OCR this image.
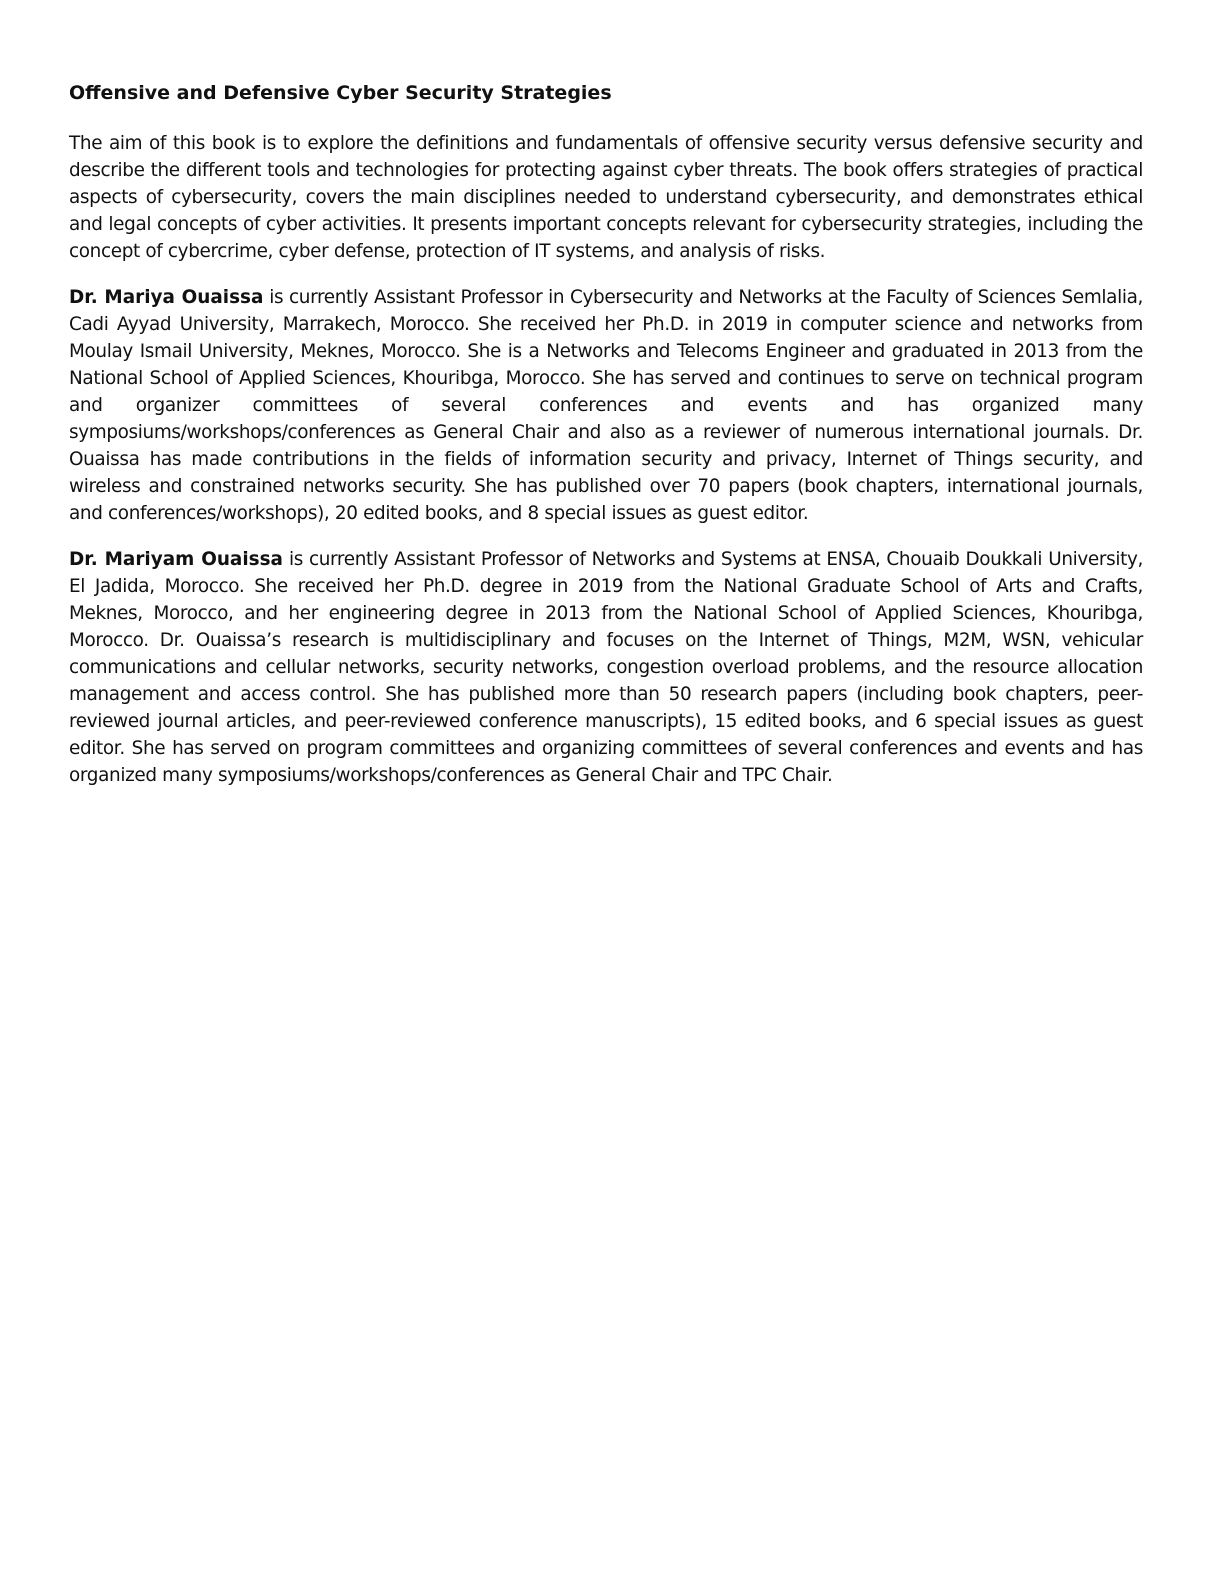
Offensive and Defensive Cyber Security Strategies

The aim of this book is to explore the definitions and fundamentals of offensive security versus defensive security and describe the different tools and technologies for protecting against cyber threats. The book offers strategies of practical aspects of cybersecurity, covers the main disciplines needed to understand cybersecurity, and demonstrates ethical and legal concepts of cyber activities. It presents important concepts relevant for cybersecurity strategies, including the concept of cybercrime, cyber defense, protection of IT systems, and analysis of risks.

Dr. Mariya Ouaissa is currently Assistant Professor in Cybersecurity and Networks at the Faculty of Sciences Semlalia, Cadi Ayyad University, Marrakech, Morocco. She received her Ph.D. in 2019 in computer science and networks from Moulay Ismail University, Meknes, Morocco. She is a Networks and Telecoms Engineer and graduated in 2013 from the National School of Applied Sciences, Khouribga, Morocco. She has served and continues to serve on technical program and organizer committees of several conferences and events and has organized many symposiums/workshops/conferences as General Chair and also as a reviewer of numerous international journals. Dr. Ouaissa has made contributions in the fields of information security and privacy, Internet of Things security, and wireless and constrained networks security. She has published over 70 papers (book chapters, international journals, and conferences/workshops), 20 edited books, and 8 special issues as guest editor.

Dr. Mariyam Ouaissa is currently Assistant Professor of Networks and Systems at ENSA, Chouaib Doukkali University, El Jadida, Morocco. She received her Ph.D. degree in 2019 from the National Graduate School of Arts and Crafts, Meknes, Morocco, and her engineering degree in 2013 from the National School of Applied Sciences, Khouribga, Morocco. Dr. Ouaissa’s research is multidisciplinary and focuses on the Internet of Things, M2M, WSN, vehicular communications and cellular networks, security networks, congestion overload problems, and the resource allocation management and access control. She has published more than 50 research papers (including book chapters, peer-reviewed journal articles, and peer-reviewed conference manuscripts), 15 edited books, and 6 special issues as guest editor. She has served on program committees and organizing committees of several conferences and events and has organized many symposiums/workshops/conferences as General Chair and TPC Chair.
